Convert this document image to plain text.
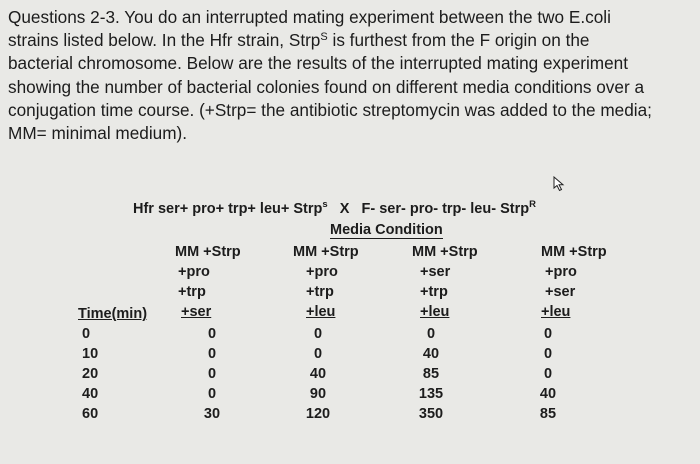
Questions 2-3. You do an interrupted mating experiment between the two E.coli
strains listed below. In the Hfr strain, Strp$^S$ is furthest from the F origin on the
bacterial chromosome. Below are the results of the interrupted mating experiment
showing the number of bacterial colonies found on different media conditions over a
conjugation time course. (+Strp= the antibiotic streptomycin was added to the media;
MM= minimal medium).
Hfr ser+ pro+ trp+ leu+ Strp$^s$ X F- ser- pro- trp- leu- Strp$^R$
Media Condition
Time(min)
0
10
20
40
60
MM +Strp
+pro
+trp
+ser
0
0
0
0
30
MM +Strp
+pro
+trp
+leu
0
0
40
90
120
MM +Strp
+ser
+trp
+leu
0
40
85
135
350
MM +Strp
+pro
+ser
+leu
0
0
0
40
85
